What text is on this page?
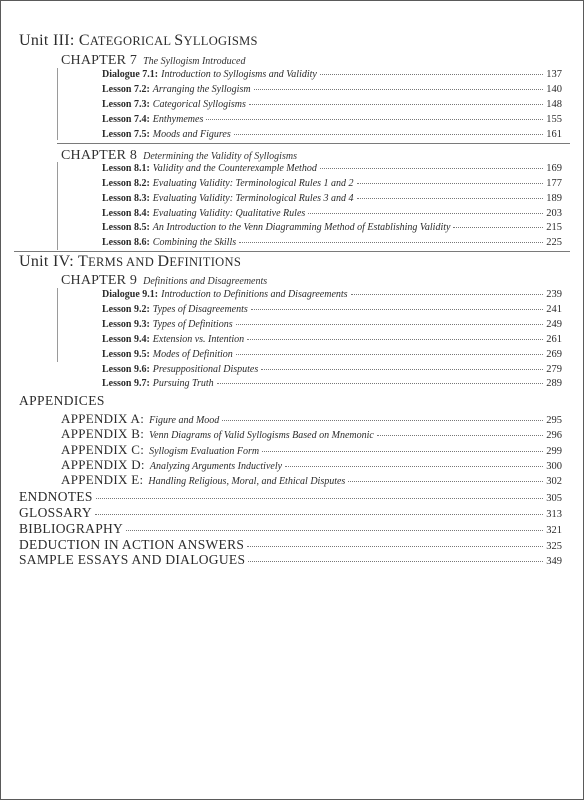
Unit III: CATEGORICAL SYLLOGISMS
CHAPTER 7 The Syllogism Introduced
Dialogue 7.1: Introduction to Syllogisms and Validity	137
Lesson 7.2: Arranging the Syllogism	140
Lesson 7.3: Categorical Syllogisms	148
Lesson 7.4: Enthymemes	155
Lesson 7.5: Moods and Figures	161
CHAPTER 8 Determining the Validity of Syllogisms
Lesson 8.1: Validity and the Counterexample Method	169
Lesson 8.2: Evaluating Validity: Terminological Rules 1 and 2	177
Lesson 8.3: Evaluating Validity: Terminological Rules 3 and 4	189
Lesson 8.4: Evaluating Validity: Qualitative Rules	203
Lesson 8.5: An Introduction to the Venn Diagramming Method of Establishing Validity	215
Lesson 8.6: Combining the Skills	225
Unit IV: TERMS AND DEFINITIONS
CHAPTER 9 Definitions and Disagreements
Dialogue 9.1: Introduction to Definitions and Disagreements	239
Lesson 9.2: Types of Disagreements	241
Lesson 9.3: Types of Definitions	249
Lesson 9.4: Extension vs. Intention	261
Lesson 9.5: Modes of Definition	269
Lesson 9.6: Presuppositional Disputes	279
Lesson 9.7: Pursuing Truth	289
APPENDICES
APPENDIX A: Figure and Mood	295
APPENDIX B: Venn Diagrams of Valid Syllogisms Based on Mnemonic	296
APPENDIX C: Syllogism Evaluation Form	299
APPENDIX D: Analyzing Arguments Inductively	300
APPENDIX E: Handling Religious, Moral, and Ethical Disputes	302
ENDNOTES	305
GLOSSARY	313
BIBLIOGRAPHY	321
DEDUCTION IN ACTION ANSWERS	325
SAMPLE ESSAYS AND DIALOGUES	349
